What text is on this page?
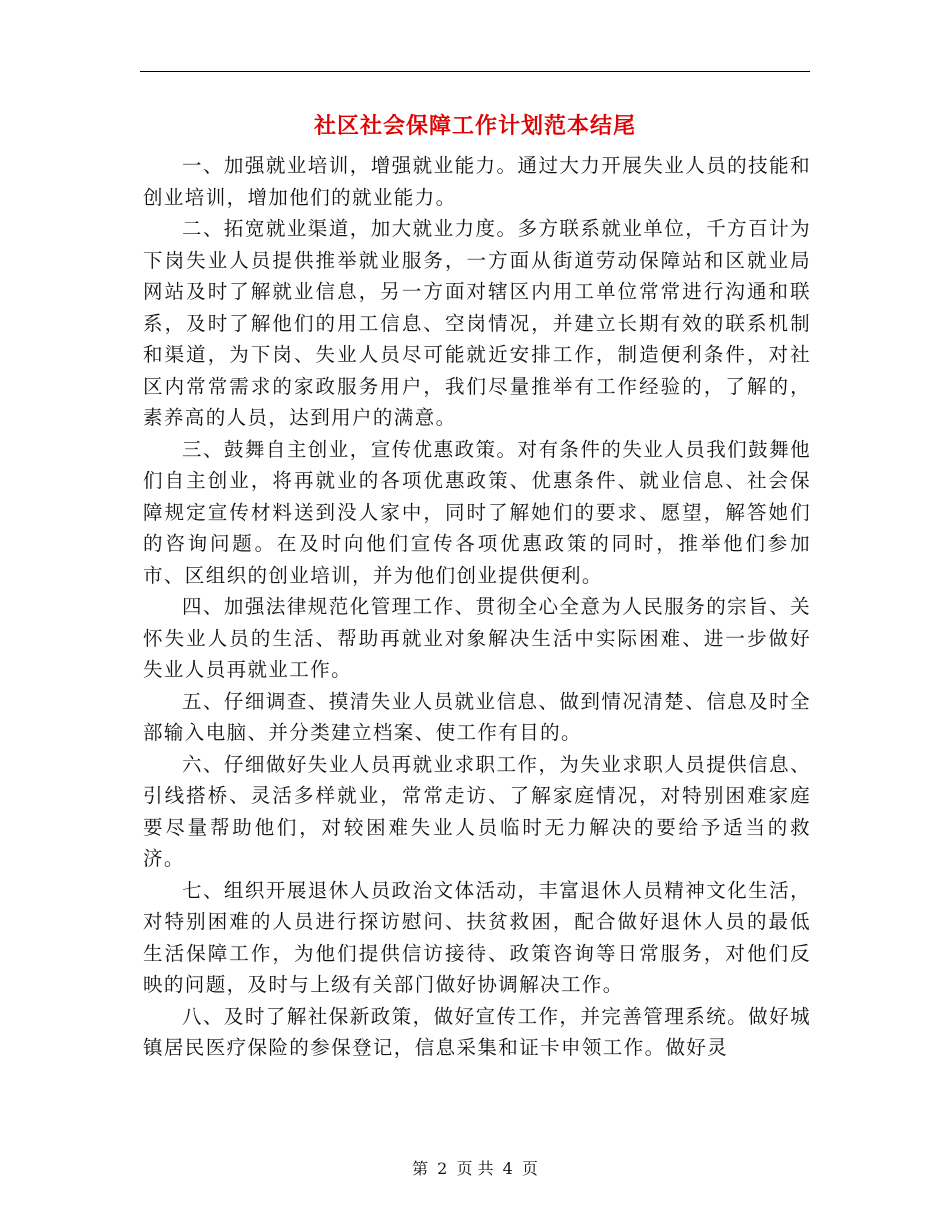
社区社会保障工作计划范本结尾

一、加强就业培训，增强就业能力。通过大力开展失业人员的技能和创业培训，增加他们的就业能力。

二、拓宽就业渠道，加大就业力度。多方联系就业单位，千方百计为下岗失业人员提供推举就业服务，一方面从街道劳动保障站和区就业局网站及时了解就业信息，另一方面对辖区内用工单位常常进行沟通和联系，及时了解他们的用工信息、空岗情况，并建立长期有效的联系机制和渠道，为下岗、失业人员尽可能就近安排工作，制造便利条件，对社区内常常需求的家政服务用户，我们尽量推举有工作经验的，了解的，素养高的人员，达到用户的满意。

三、鼓舞自主创业，宣传优惠政策。对有条件的失业人员我们鼓舞他们自主创业，将再就业的各项优惠政策、优惠条件、就业信息、社会保障规定宣传材料送到没人家中，同时了解她们的要求、愿望，解答她们的咨询问题。在及时向他们宣传各项优惠政策的同时，推举他们参加市、区组织的创业培训，并为他们创业提供便利。

四、加强法律规范化管理工作、贯彻全心全意为人民服务的宗旨、关怀失业人员的生活、帮助再就业对象解决生活中实际困难、进一步做好失业人员再就业工作。

五、仔细调查、摸清失业人员就业信息、做到情况清楚、信息及时全部输入电脑、并分类建立档案、使工作有目的。

六、仔细做好失业人员再就业求职工作，为失业求职人员提供信息、引线搭桥、灵活多样就业，常常走访、了解家庭情况，对特别困难家庭要尽量帮助他们，对较困难失业人员临时无力解决的要给予适当的救济。

七、组织开展退休人员政治文体活动，丰富退休人员精神文化生活，对特别困难的人员进行探访慰问、扶贫救困，配合做好退休人员的最低生活保障工作，为他们提供信访接待、政策咨询等日常服务，对他们反映的问题，及时与上级有关部门做好协调解决工作。

八、及时了解社保新政策，做好宣传工作，并完善管理系统。做好城镇居民医疗保险的参保登记，信息采集和证卡申领工作。做好灵

第 2 页 共 4 页
